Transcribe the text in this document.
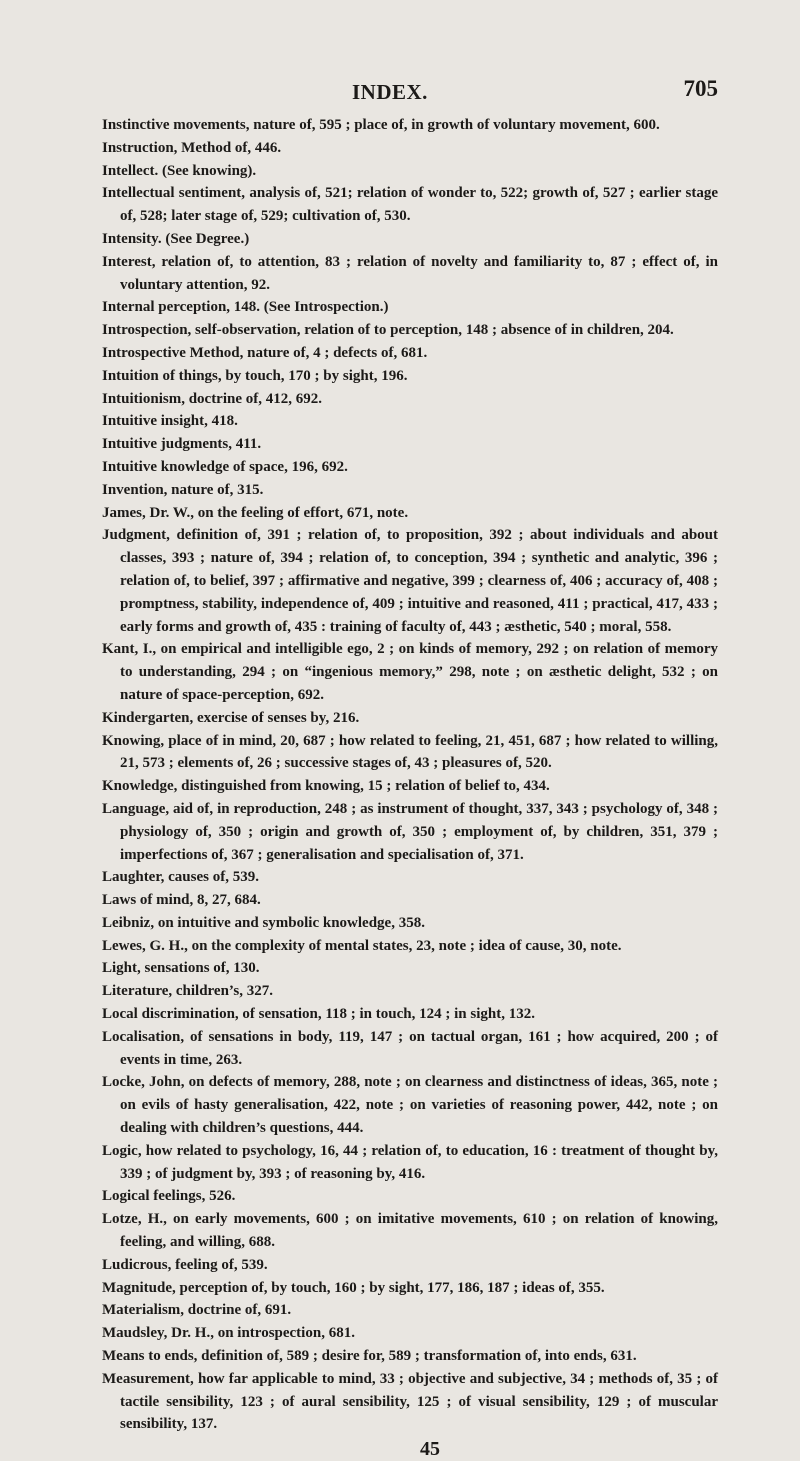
INDEX.	705
Instinctive movements, nature of, 595 ; place of, in growth of voluntary movement, 600.
Instruction, Method of, 446.
Intellect. (See knowing).
Intellectual sentiment, analysis of, 521; relation of wonder to, 522; growth of, 527 ; earlier stage of, 528; later stage of, 529; cultivation of, 530.
Intensity. (See Degree.)
Interest, relation of, to attention, 83 ; relation of novelty and familiarity to, 87 ; effect of, in voluntary attention, 92.
Internal perception, 148. (See Introspection.)
Introspection, self-observation, relation of to perception, 148 ; absence of in children, 204.
Introspective Method, nature of, 4 ; defects of, 681.
Intuition of things, by touch, 170 ; by sight, 196.
Intuitionism, doctrine of, 412, 692.
Intuitive insight, 418.
Intuitive judgments, 411.
Intuitive knowledge of space, 196, 692.
Invention, nature of, 315.
James, Dr. W., on the feeling of effort, 671, note.
Judgment, definition of, 391 ; relation of, to proposition, 392 ; about individuals and about classes, 393 ; nature of, 394 ; relation of, to conception, 394 ; synthetic and analytic, 396 ; relation of, to belief, 397 ; affirmative and negative, 399 ; clearness of, 406 ; accuracy of, 408 ; promptness, stability, independence of, 409 ; intuitive and reasoned, 411 ; practical, 417, 433 ; early forms and growth of, 435 : training of faculty of, 443 ; æsthetic, 540 ; moral, 558.
Kant, I., on empirical and intelligible ego, 2 ; on kinds of memory, 292 ; on relation of memory to understanding, 294 ; on “ingenious memory,” 298, note ; on æsthetic delight, 532 ; on nature of space-perception, 692.
Kindergarten, exercise of senses by, 216.
Knowing, place of in mind, 20, 687 ; how related to feeling, 21, 451, 687 ; how related to willing, 21, 573 ; elements of, 26 ; successive stages of, 43 ; pleasures of, 520.
Knowledge, distinguished from knowing, 15 ; relation of belief to, 434.
Language, aid of, in reproduction, 248 ; as instrument of thought, 337, 343 ; psychology of, 348 ; physiology of, 350 ; origin and growth of, 350 ; employment of, by children, 351, 379 ; imperfections of, 367 ; generalisation and specialisation of, 371.
Laughter, causes of, 539.
Laws of mind, 8, 27, 684.
Leibniz, on intuitive and symbolic knowledge, 358.
Lewes, G. H., on the complexity of mental states, 23, note ; idea of cause, 30, note.
Light, sensations of, 130.
Literature, children’s, 327.
Local discrimination, of sensation, 118 ; in touch, 124 ; in sight, 132.
Localisation, of sensations in body, 119, 147 ; on tactual organ, 161 ; how acquired, 200 ; of events in time, 263.
Locke, John, on defects of memory, 288, note ; on clearness and distinctness of ideas, 365, note ; on evils of hasty generalisation, 422, note ; on varieties of reasoning power, 442, note ; on dealing with children’s questions, 444.
Logic, how related to psychology, 16, 44 ; relation of, to education, 16 : treatment of thought by, 339 ; of judgment by, 393 ; of reasoning by, 416.
Logical feelings, 526.
Lotze, H., on early movements, 600 ; on imitative movements, 610 ; on relation of knowing, feeling, and willing, 688.
Ludicrous, feeling of, 539.
Magnitude, perception of, by touch, 160 ; by sight, 177, 186, 187 ; ideas of, 355.
Materialism, doctrine of, 691.
Maudsley, Dr. H., on introspection, 681.
Means to ends, definition of, 589 ; desire for, 589 ; transformation of, into ends, 631.
Measurement, how far applicable to mind, 33 ; objective and subjective, 34 ; methods of, 35 ; of tactile sensibility, 123 ; of aural sensibility, 125 ; of visual sensibility, 129 ; of muscular sensibility, 137.
45
